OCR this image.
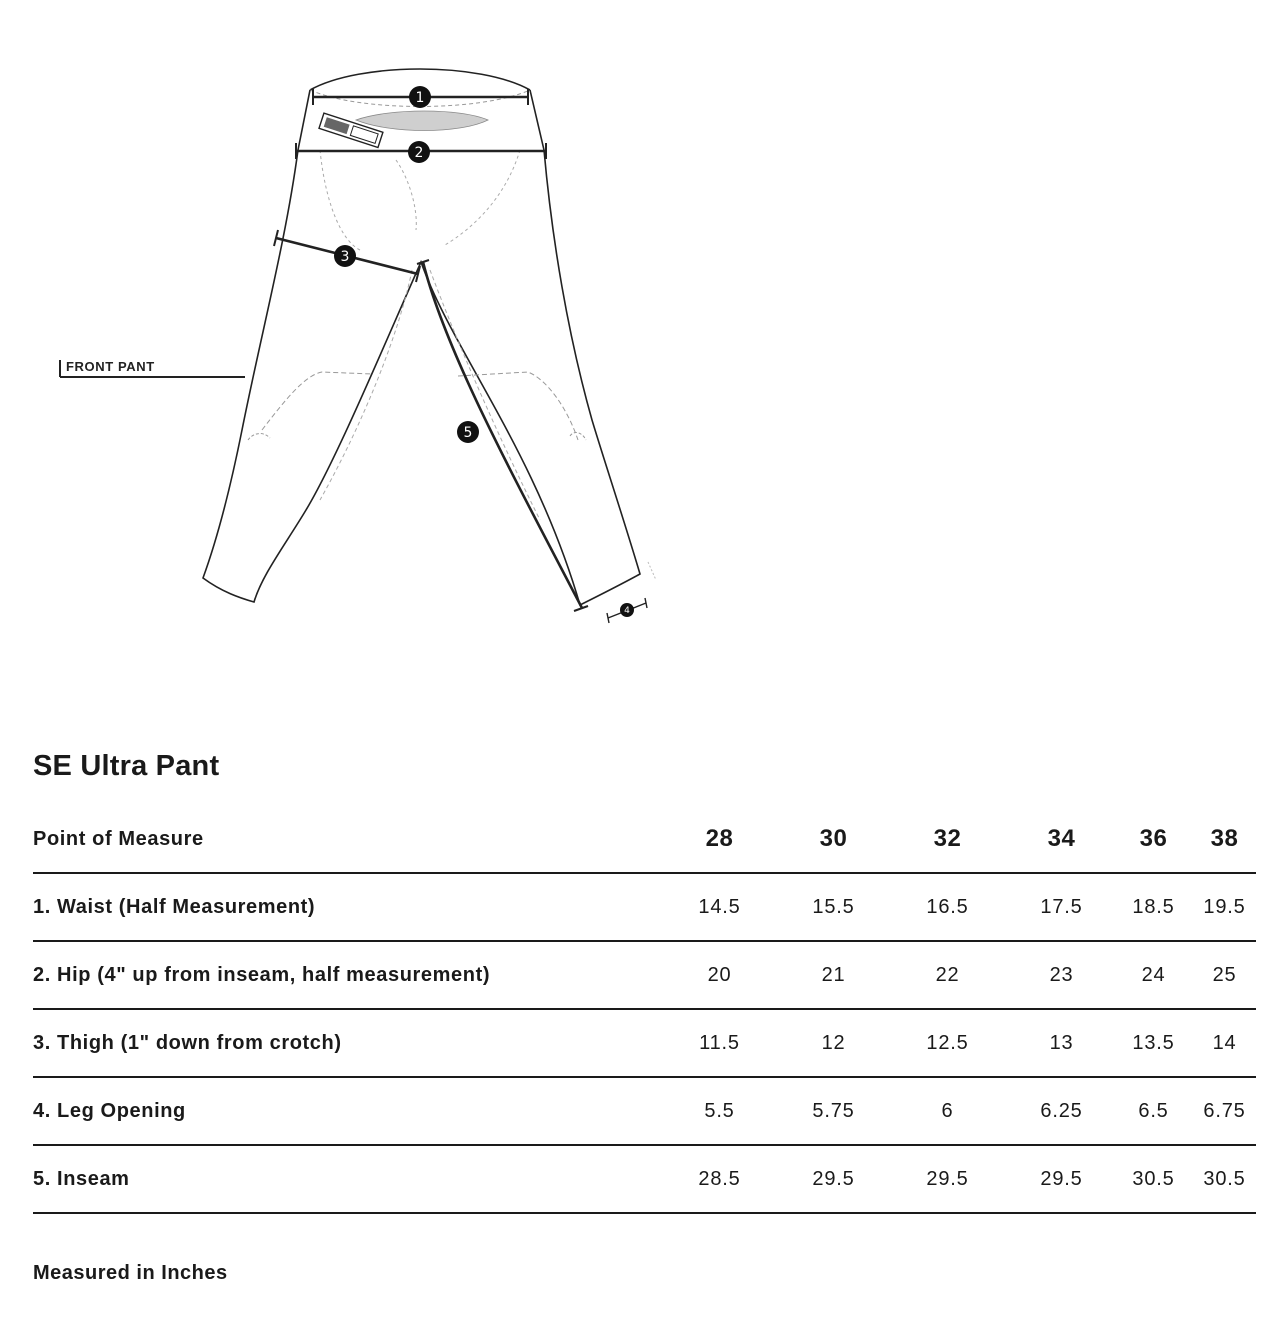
1
2
3
5
4
FRONT PANT
SE Ultra Pant
Point of Measure	28	30	32	34	36	38
1. Waist (Half Measurement)	14.5	15.5	16.5	17.5	18.5	19.5
2. Hip (4" up from inseam, half measurement)	20	21	22	23	24	25
3. Thigh (1" down from crotch)	11.5	12	12.5	13	13.5	14
4. Leg Opening	5.5	5.75	6	6.25	6.5	6.75
5. Inseam	28.5	29.5	29.5	29.5	30.5	30.5
Measured in Inches
